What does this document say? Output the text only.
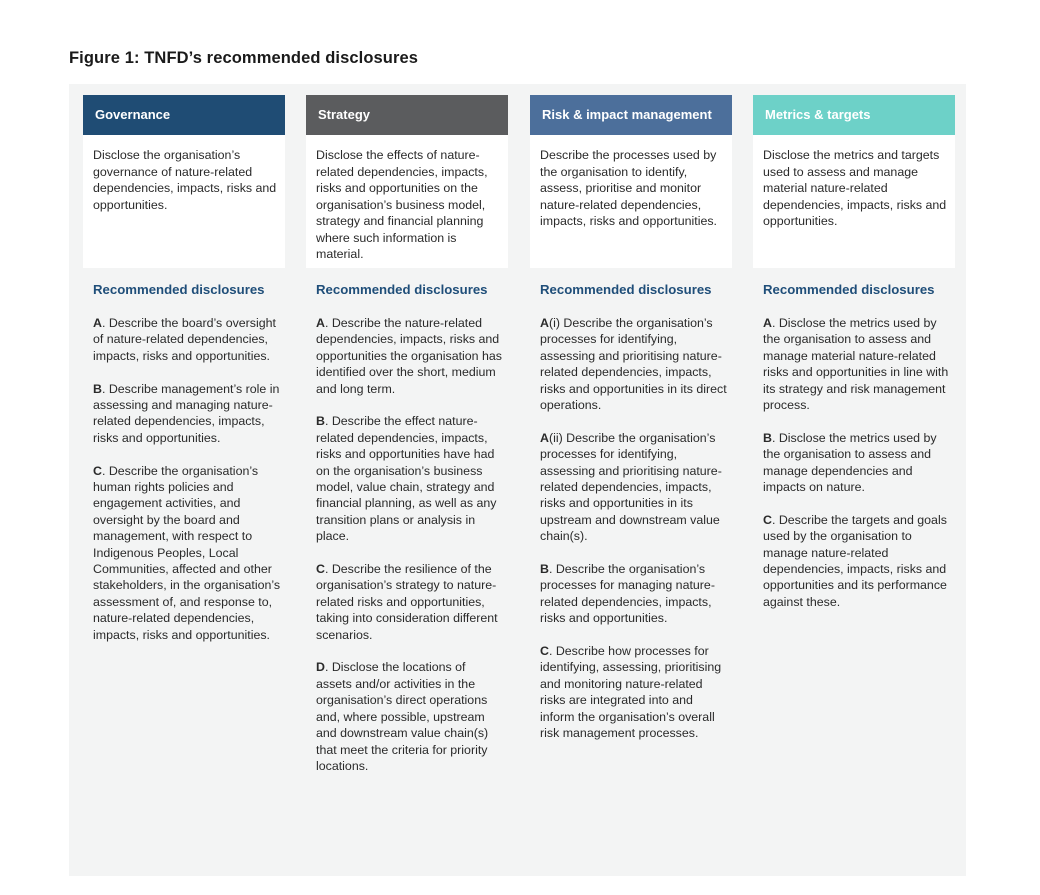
Figure 1: TNFD’s recommended disclosures
Governance
Disclose the organisation’s governance of nature-related dependencies, impacts, risks and opportunities.
Recommended disclosures
A. Describe the board’s oversight of nature-related dependencies, impacts, risks and opportunities.
B. Describe management’s role in assessing and managing nature-related dependencies, impacts, risks and opportunities.
C. Describe the organisation’s human rights policies and engagement activities, and oversight by the board and management, with respect to Indigenous Peoples, Local Communities, affected and other stakeholders, in the organisation’s assessment of, and response to, nature-related dependencies, impacts, risks and opportunities.
Strategy
Disclose the effects of nature-related dependencies, impacts, risks and opportunities on the organisation’s business model, strategy and financial planning where such information is material.
Recommended disclosures
A. Describe the nature-related dependencies, impacts, risks and opportunities the organisation has identified over the short, medium and long term.
B. Describe the effect nature-related dependencies, impacts, risks and opportunities have had on the organisation’s business model, value chain, strategy and financial planning, as well as any transition plans or analysis in place.
C. Describe the resilience of the organisation’s strategy to nature-related risks and opportunities, taking into consideration different scenarios.
D. Disclose the locations of assets and/or activities in the organisation’s direct operations and, where possible, upstream and downstream value chain(s) that meet the criteria for priority locations.
Risk & impact management
Describe the processes used by the organisation to identify, assess, prioritise and monitor nature-related dependencies, impacts, risks and opportunities.
Recommended disclosures
A(i) Describe the organisation’s processes for identifying, assessing and prioritising nature-related dependencies, impacts, risks and opportunities in its direct operations.
A(ii) Describe the organisation’s processes for identifying, assessing and prioritising nature-related dependencies, impacts, risks and opportunities in its upstream and downstream value chain(s).
B. Describe the organisation’s processes for managing nature-related dependencies, impacts, risks and opportunities.
C. Describe how processes for identifying, assessing, prioritising and monitoring nature-related risks are integrated into and inform the organisation’s overall risk management processes.
Metrics & targets
Disclose the metrics and targets used to assess and manage material nature-related dependencies, impacts, risks and opportunities.
Recommended disclosures
A. Disclose the metrics used by the organisation to assess and manage material nature-related risks and opportunities in line with its strategy and risk management process.
B. Disclose the metrics used by the organisation to assess and manage dependencies and impacts on nature.
C. Describe the targets and goals used by the organisation to manage nature-related dependencies, impacts, risks and opportunities and its performance against these.
